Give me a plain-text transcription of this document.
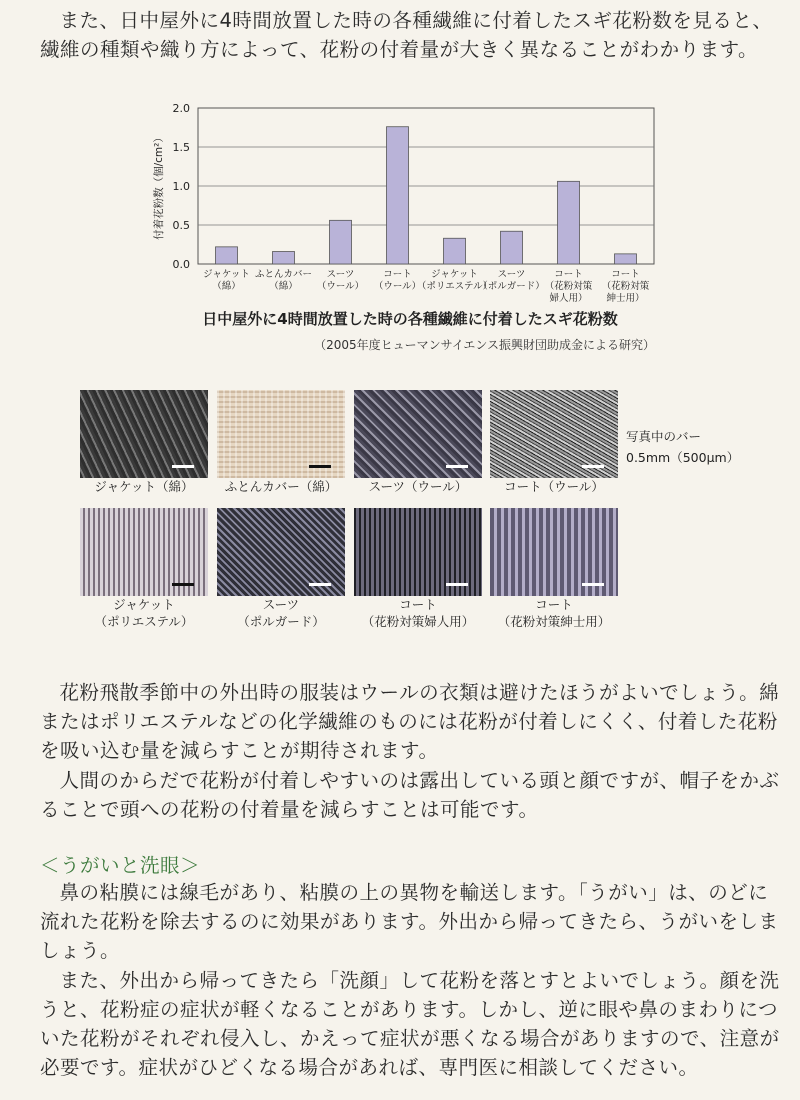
また、日中屋外に4時間放置した時の各種繊維に付着したスギ花粉数を見ると、繊維の種類や織り方によって、花粉の付着量が大きく異なることがわかります。

0.0
0.5
1.0
1.5
2.0
付着花粉数（個/cm²）
ジャケット
（綿）
ふとんカバー
（綿）
スーツ
（ウール）
コート
（ウール）
ジャケット
（ポリエステル）
スーツ
（ポルガード）
コート
（花粉対策
婦人用）
コート
（花粉対策
紳士用）
日中屋外に4時間放置した時の各種繊維に付着したスギ花粉数
（2005年度ヒューマンサイエンス振興財団助成金による研究）
ジャケット（綿）	ふとんカバー（綿）	スーツ（ウール）	コート（ウール）
ジャケット
（ポリエステル）
スーツ
（ポルガード）
コート
（花粉対策婦人用）
コート
（花粉対策紳士用）
写真中のバー
0.5mm（500μm）

花粉飛散季節中の外出時の服装はウールの衣類は避けたほうがよいでしょう。綿またはポリエステルなどの化学繊維のものには花粉が付着しにくく、付着した花粉を吸い込む量を減らすことが期待されます。

人間のからだで花粉が付着しやすいのは露出している頭と顔ですが、帽子をかぶることで頭への花粉の付着量を減らすことは可能です。

＜うがいと洗眼＞

鼻の粘膜には線毛があり、粘膜の上の異物を輸送します。「うがい」は、のどに流れた花粉を除去するのに効果があります。外出から帰ってきたら、うがいをしましょう。

また、外出から帰ってきたら「洗顔」して花粉を落とすとよいでしょう。顔を洗うと、花粉症の症状が軽くなることがあります。しかし、逆に眼や鼻のまわりについた花粉がそれぞれ侵入し、かえって症状が悪くなる場合がありますので、注意が必要です。症状がひどくなる場合があれば、専門医に相談してください。
